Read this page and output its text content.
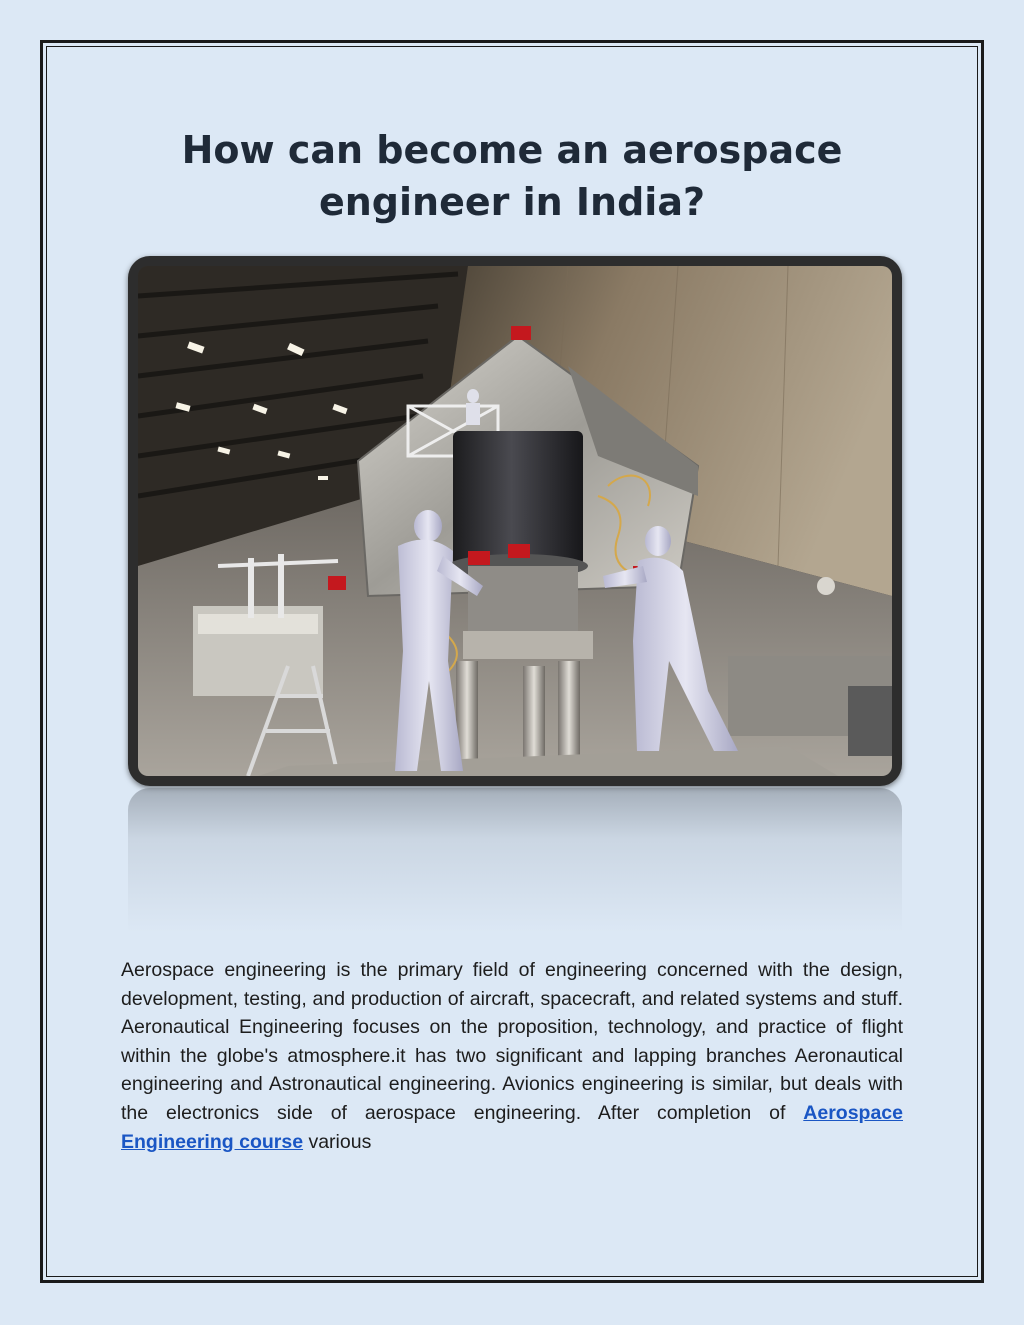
How can become an aerospace engineer in India?

Aerospace engineering is the primary field of engineering concerned with the design, development, testing, and production of aircraft, spacecraft, and related systems and stuff. Aeronautical Engineering focuses on the proposition, technology, and practice of flight within the globe's atmosphere.it has two significant and lapping branches Aeronautical engineering and Astronautical engineering. Avionics engineering is similar, but deals with the electronics side of aerospace engineering. After completion of Aerospace Engineering course various
